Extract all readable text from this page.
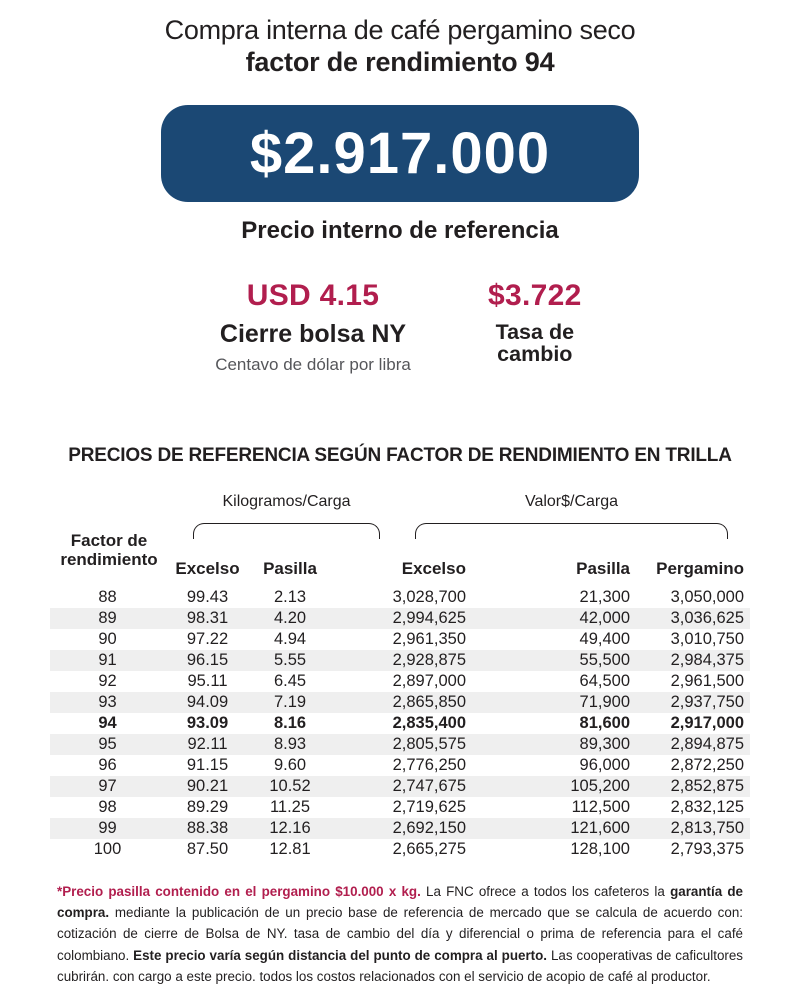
Compra interna de café pergamino seco
factor de rendimiento 94
$2.917.000
Precio interno de referencia
USD 4.15
Cierre bolsa NY
Centavo de dólar por libra
$3.722
Tasa de cambio
PRECIOS DE REFERENCIA SEGÚN FACTOR DE RENDIMIENTO EN TRILLA
Kilogramos/Carga	Valor$/Carga
Factor de rendimiento	Excelso	Pasilla	Excelso	Pasilla	Pergamino
88	99.43	2.13	3,028,700	21,300	3,050,000
89	98.31	4.20	2,994,625	42,000	3,036,625
90	97.22	4.94	2,961,350	49,400	3,010,750
91	96.15	5.55	2,928,875	55,500	2,984,375
92	95.11	6.45	2,897,000	64,500	2,961,500
93	94.09	7.19	2,865,850	71,900	2,937,750
94	93.09	8.16	2,835,400	81,600	2,917,000
95	92.11	8.93	2,805,575	89,300	2,894,875
96	91.15	9.60	2,776,250	96,000	2,872,250
97	90.21	10.52	2,747,675	105,200	2,852,875
98	89.29	11.25	2,719,625	112,500	2,832,125
99	88.38	12.16	2,692,150	121,600	2,813,750
100	87.50	12.81	2,665,275	128,100	2,793,375
*Precio pasilla contenido en el pergamino $10.000 x kg. La FNC ofrece a todos los cafeteros la garantía de compra. mediante la publicación de un precio base de referencia de mercado que se calcula de acuerdo con: cotización de cierre de Bolsa de NY. tasa de cambio del día y diferencial o prima de referencia para el café colombiano. Este precio varía según distancia del punto de compra al puerto. Las cooperativas de caficultores cubrirán. con cargo a este precio. todos los costos relacionados con el servicio de acopio de café al productor.
